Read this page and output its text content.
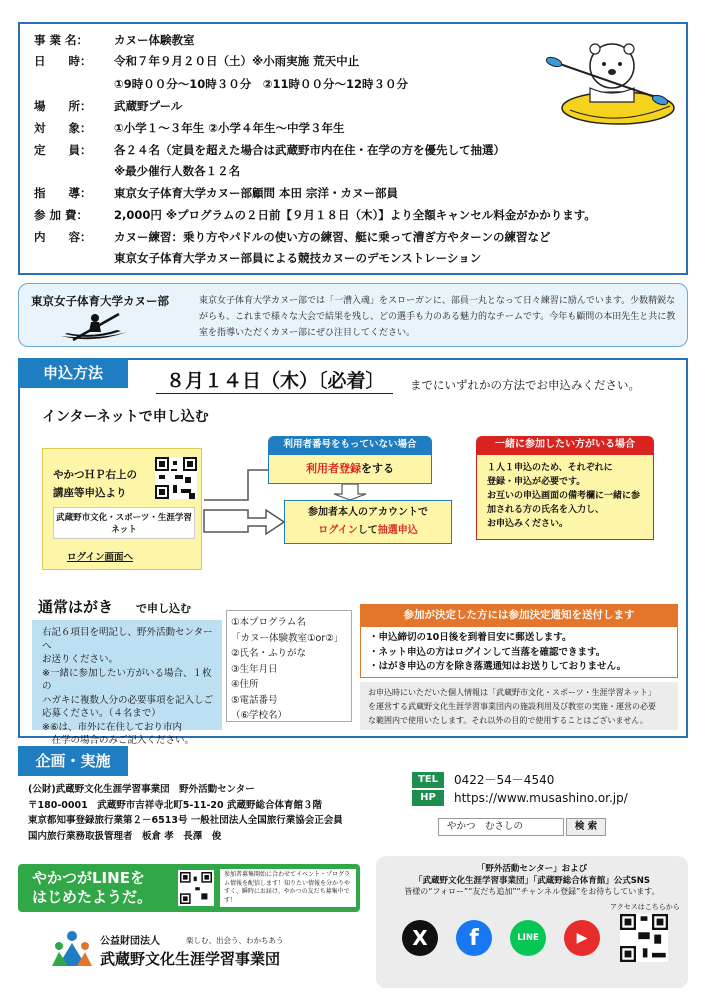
事 業 名： カヌー体験教室
日　　時： 令和７年９月２０日（土）※小雨実施 荒天中止
①9時００分～10時３０分　②11時００分～12時３０分
場　　所： 武蔵野プール
対　　象： ①小学１～３年生 ②小学４年生～中学３年生
定　　員： 各２４名（定員を超えた場合は武蔵野市内在住・在学の方を優先して抽選）
※最少催行人数各１２名
指　　導： 東京女子体育大学カヌー部顧問 本田 宗洋・カヌー部員
参 加 費： 2,000円 ※プログラムの２日前【９月１８日（木）】より全額キャンセル料金がかかります。
内　　容： カヌー練習：乗り方やパドルの使い方の練習、艇に乗って漕ぎ方やターンの練習など
東京女子体育大学カヌー部員による競技カヌーのデモンストレーション
東京女子体育大学カヌー部	東京女子体育大学カヌー部では「一漕入魂」をスローガンに、部員一丸となって日々練習に励んでいます。少数精鋭ながらも、これまで様々な大会で結果を残し、どの選手も力のある魅力的なチームです。今年も顧問の本田先生と共に教室を指導いただくカヌー部にぜひ注目してください。
申込方法	８月１４日（木）〔必着〕	までにいずれかの方法でお申込みください。
インターネットで申し込む
やかつＨＰ右上の
講座等申込より
武蔵野市文化・スポーツ・生涯学習ネット
ログイン画面へ
利用者番号をもっていない場合
利用者登録をする
参加者本人のアカウントで
ログインして抽選申込
一緒に参加したい方がいる場合
１人１申込のため、それぞれに
登録・申込が必要です。
お互いの申込画面の備考欄に一緒に参
加される方の氏名を入力し、
お申込みください。
通常はがき で申し込む
右記６項目を明記し、野外活動センターへ
お送りください。
※一緒に参加したい方がいる場合、１枚の
ハガキに複数人分の必要事項を記入しご
応募ください。（４名まで）
※⑥は、市外に在住しており市内
　在学の場合のみご記入ください。
①本プログラム名
「カヌー体験教室①or②」
②氏名・ふりがな
③生年月日
④住所
⑤電話番号
（⑥学校名）
参加が決定した方には参加決定通知を送付します
・申込締切の10日後を到着目安に郵送します。
・ネット申込の方はログインして当落を確認できます。
・はがき申込の方を除き落選通知はお送りしておりません。
お申込時にいただいた個人情報は「武蔵野市文化・スポーツ・生涯学習ネット」
を運営する武蔵野文化生涯学習事業団内の施設利用及び教室の実施・運営の必要
な範囲内で使用いたします。それ以外の目的で使用することはございません。
企画・実施
(公財)武蔵野文化生涯学習事業団　野外活動センター
〒180-0001　武蔵野市吉祥寺北町5-11-20 武蔵野総合体育館３階
東京都知事登録旅行業第２－6513号 一般社団法人全国旅行業協会正会員
国内旅行業務取扱管理者　板倉 孝　長澤　俊
TEL	0422－54－4540
HP	https://www.musashino.or.jp/
やかつ　むさしの	検 索
やかつがLINEを
はじめたようだ。
参加者募集開始に合わせてイベント・プログラム情報を配信します！知りたい情報を分かりやすく、瞬時にお届け。やかつの友だち募集中です！
公益財団法人	楽しむ、出会う、わかちあう
武蔵野文化生涯学習事業団
「野外活動センター」および
「武蔵野文化生涯学習事業団」「武蔵野総合体育館」公式SNS
皆様の“フォロー”“友だち追加”“チャンネル登録”をお待ちしています。
アクセスはこちらから
X	f	LINE	▶
